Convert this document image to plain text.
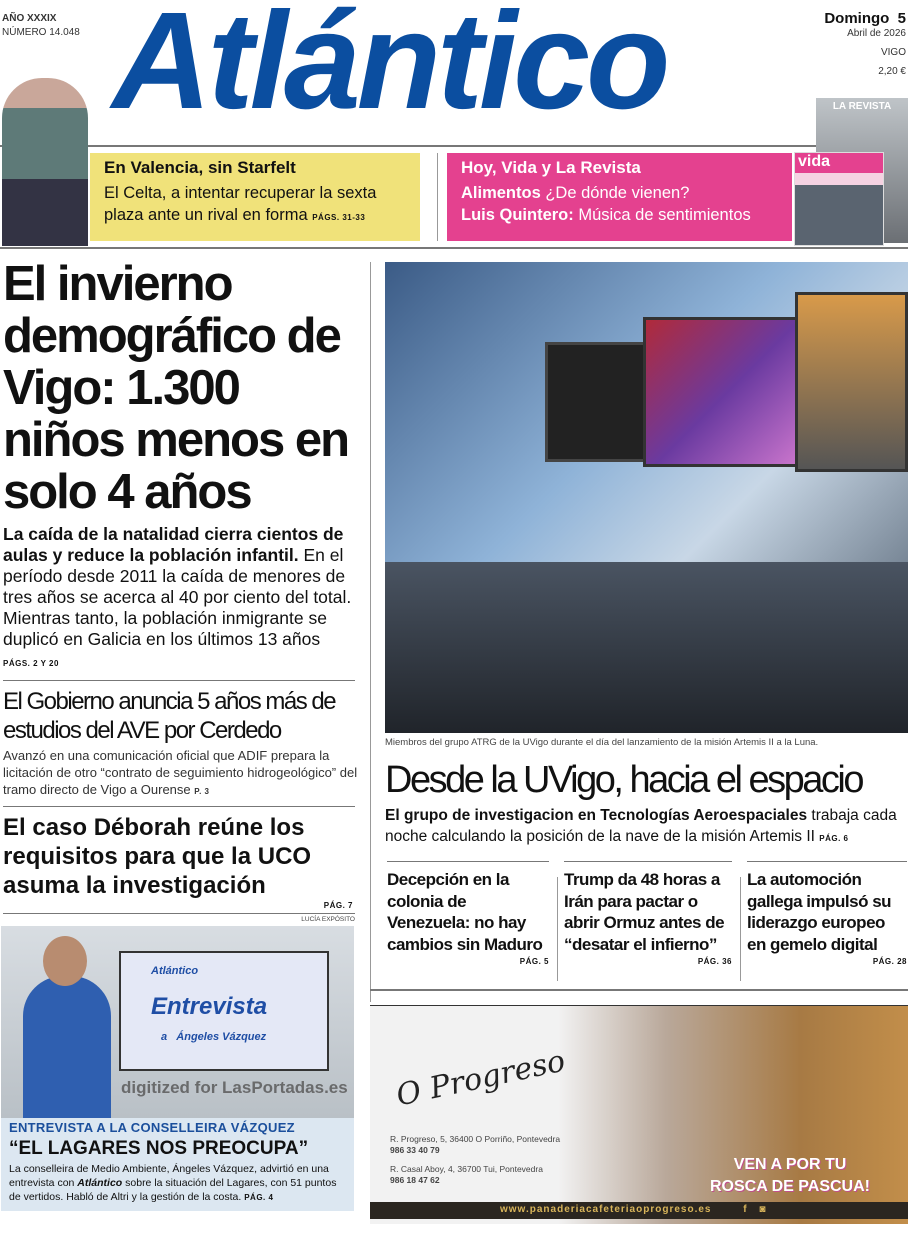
AÑO XXXIX
NÚMERO 14.048 Atlántico	Domingo  5
Abril de 2026
VIGO
2,20 €
En Valencia, sin Starfelt
El Celta, a intentar recuperar la sexta plaza ante un rival en forma PÁGS. 31-33
Hoy, Vida y La Revista
Alimentos ¿De dónde vienen?
Luis Quintero: Música de sentimientos
LA REVISTA
vida
El invierno demográfico de Vigo: 1.300 niños menos en solo 4 años
La caída de la natalidad cierra cientos de aulas y reduce la población infantil. En el período desde 2011 la caída de menores de tres años se acerca al 40 por ciento del total. Mientras tanto, la población inmigrante se duplicó en Galicia en los últimos 13 años PÁGS. 2 Y 20
El Gobierno anuncia 5 años más de estudios del AVE por Cerdedo
Avanzó en una comunicación oficial que ADIF prepara la licitación de otro “contrato de seguimiento hidrogeológico” del tramo directo de Vigo a Ourense P. 3
El caso Déborah reúne los requisitos para que la UCO asuma la investigación
PÁG. 7
LUCÍA EXPÓSITO
Atlántico
Entrevista
a   Ángeles Vázquez
digitized for LasPortadas.es
ENTREVISTA A LA CONSELLEIRA VÁZQUEZ
“EL LAGARES NOS PREOCUPA”
La conselleira de Medio Ambiente, Ángeles Vázquez, advirtió en una entrevista con Atlántico sobre la situación del Lagares, con 51 puntos de vertidos. Habló de Altri y la gestión de la costa. PÁG. 4
Miembros del grupo ATRG de la UVigo durante el día del lanzamiento de la misión Artemis II a la Luna.
Desde la UVigo, hacia el espacio
El grupo de investigacion en Tecnologías Aeroespaciales trabaja cada noche calculando la posición de la nave de la misión Artemis II PÁG. 6
Decepción en la colonia de Venezuela: no hay cambios sin Maduro
PÁG. 5
Trump da 48 horas a Irán para pactar o abrir Ormuz antes de “desatar el infierno”
PÁG. 36
La automoción gallega impulsó su liderazgo europeo en gemelo digital
PÁG. 28
O Progreso
R. Progreso, 5, 36400 O Porriño, Pontevedra
986 33 40 79
R. Casal Aboy, 4, 36700 Tui, Pontevedra
986 18 47 62
VEN A POR TU
ROSCA DE PASCUA!
www.panaderiacafeteriaoprogreso.es	f ◙
